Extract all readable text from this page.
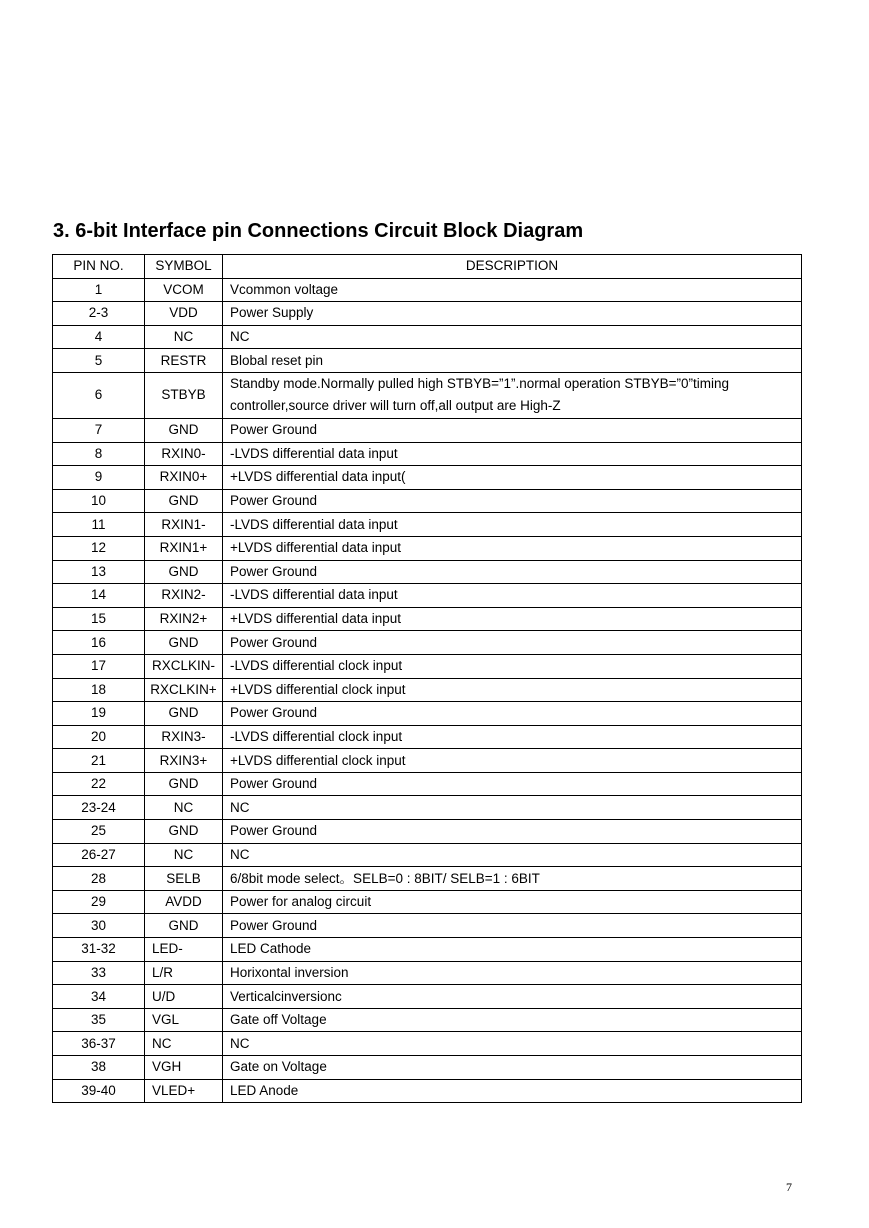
3. 6-bit Interface pin Connections Circuit Block Diagram
PIN NO.	SYMBOL	DESCRIPTION
1	VCOM	Vcommon voltage
2-3	VDD	Power Supply
4	NC	NC
5	RESTR	Blobal reset pin
6	STBYB	Standby mode.Normally pulled high STBYB=”1”.normal operation STBYB=”0”timing
controller,source driver will turn off,all output are High-Z

7	GND	Power Ground
8	RXIN0-	-LVDS differential data input
9	RXIN0+	+LVDS differential data input(
10	GND	Power Ground
11	RXIN1-	-LVDS differential data input
12	RXIN1+	+LVDS differential data input
13	GND	Power Ground
14	RXIN2-	-LVDS differential data input
15	RXIN2+	+LVDS differential data input
16	GND	Power Ground
17	RXCLKIN-	-LVDS differential clock input
18	RXCLKIN+	+LVDS differential clock input
19	GND	Power Ground
20	RXIN3-	-LVDS differential clock input
21	RXIN3+	+LVDS differential clock input
22	GND	Power Ground
23-24	NC	NC
25	GND	Power Ground
26-27	NC	NC
28	SELB	6/8bit mode select。SELB=0 : 8BIT/ SELB=1 : 6BIT
29	AVDD	Power for analog circuit
30	GND	Power Ground
31-32	LED-	LED Cathode
33	L/R	Horixontal inversion
34	U/D	Verticalcinversionc
35	VGL	Gate off Voltage
36-37	NC	NC
38	VGH	Gate on Voltage
39-40	VLED+	LED Anode
7
